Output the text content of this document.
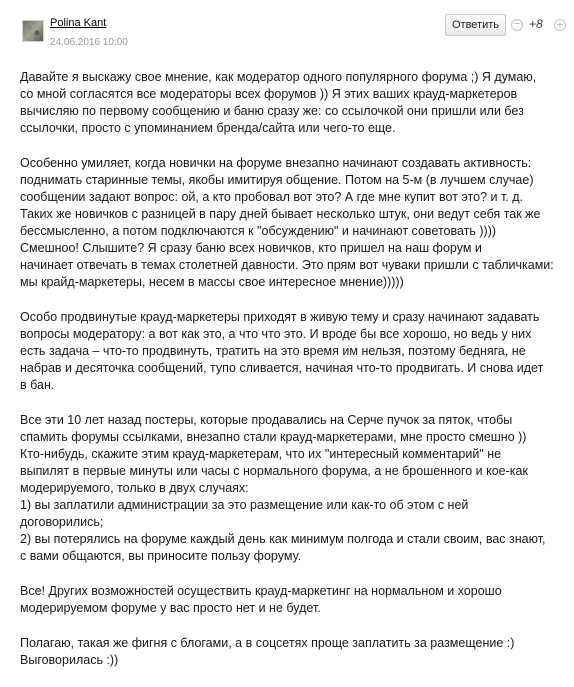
Polina Kant
24.06.2016 10:00
Ответить	− +8 +

Давайте я выскажу свое мнение, как модератор одного популярного форума ;) Я думаю,
со мной согласятся все модераторы всех форумов )) Я этих ваших крауд-маркетеров
вычисляю по первому сообщению и баню сразу же: со ссылочкой они пришли или без
ссылочки, просто с упоминанием бренда/сайта или чего-то еще.

Особенно умиляет, когда новички на форуме внезапно начинают создавать активность:
поднимать старинные темы, якобы имитируя общение. Потом на 5-м (в лучшем случае)
сообщении задают вопрос: ой, а кто пробовал вот это? А где мне купит вот это? и т. д.
Таких же новичков с разницей в пару дней бывает несколько штук, они ведут себя так же
бессмысленно, а потом подключаются к "обсуждению" и начинают советовать ))))
Смешноо! Слышите? Я сразу баню всех новичков, кто пришел на наш форум и
начинает отвечать в темах столетней давности. Это прям вот чуваки пришли с табличками:
мы крайд-маркетеры, несем в массы свое интересное мнение)))))

Особо продвинутые крауд-маркетеры приходят в живую тему и сразу начинают задавать
вопросы модератору: а вот как это, а что что это. И вроде бы все хорошо, но ведь у них
есть задача – что-то продвинуть, тратить на это время им нельзя, поэтому бедняга, не
набрав и десяточка сообщений, тупо сливается, начиная что-то продвигать. И снова идет
в бан.

Все эти 10 лет назад постеры, которые продавались на Серче пучок за пяток, чтобы
спамить форумы ссылками, внезапно стали крауд-маркетерами, мне просто смешно ))
Кто-нибудь, скажите этим крауд-маркетерам, что их "интересный комментарий" не
выпилят в первые минуты или часы с нормального форума, а не брошенного и кое-как
модерируемого, только в двух случаях:
1) вы заплатили администрации за это размещение или как-то об этом с ней
договорились;
2) вы потерялись на форуме каждый день как минимум полгода и стали своим, вас знают,
с вами общаются, вы приносите пользу форуму.

Все! Других возможностей осуществить крауд-маркетинг на нормальном и хорошо
модерируемом форуме у вас просто нет и не будет.

Полагаю, такая же фигня с блогами, а в соцсетях проще заплатить за размещение :)
Выговорилась :))
